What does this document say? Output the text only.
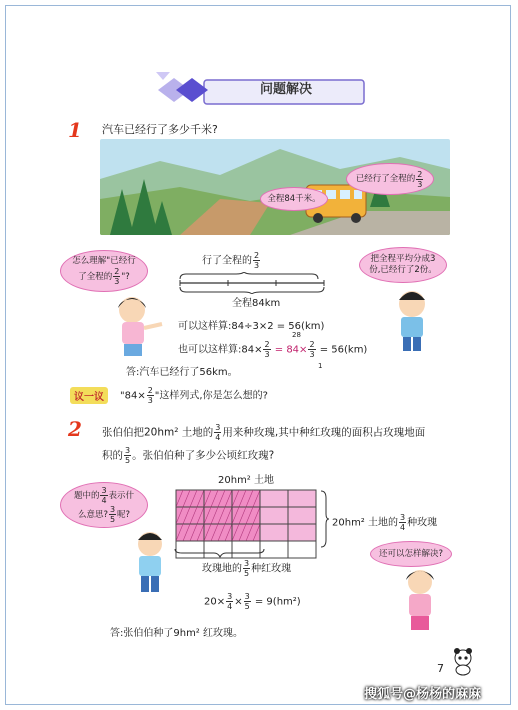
问题解决
1 汽车已经行了多少千米?
已经行了全程的 $\frac{2}{3}$
全程84千米。
怎么理解"已经行
了全程的 $\frac{2}{3}$ "?
把全程平均分成3
份,已经行了2份。
行了全程的 $\frac{2}{3}$
全程84km
可以这样算:84÷3×2 = 56(km)
也可以这样算:84× $\frac{2}{3} = 84\times \frac{2}{3} = 56(km)$
28
1
答:汽车已经行了56km。
议一议	"$84\times \frac{2}{3}$ "这样列式,你是怎么想的?
2 张伯伯把20hm² 土地的 $\frac{3}{4}$ 用来种玫瑰,其中种红玫瑰的面积占玫瑰地面
积的 $\frac{3}{5}$ 。张伯伯种了多少公顷红玫瑰?
20hm² 土地
20hm² 土地的 $\frac{3}{4}$ 种玫瑰
玫瑰地的 $\frac{3}{5}$ 种红玫瑰
题中的 $\frac{3}{4}$ 表示什
么意思? $\frac{3}{5}$ 呢?
还可以怎样解决?
$20\times \frac{3}{4} \times \frac{3}{5} = 9(hm^2)$
答:张伯伯种了9hm² 红玫瑰。
7
搜狐号@杨杨的麻麻
